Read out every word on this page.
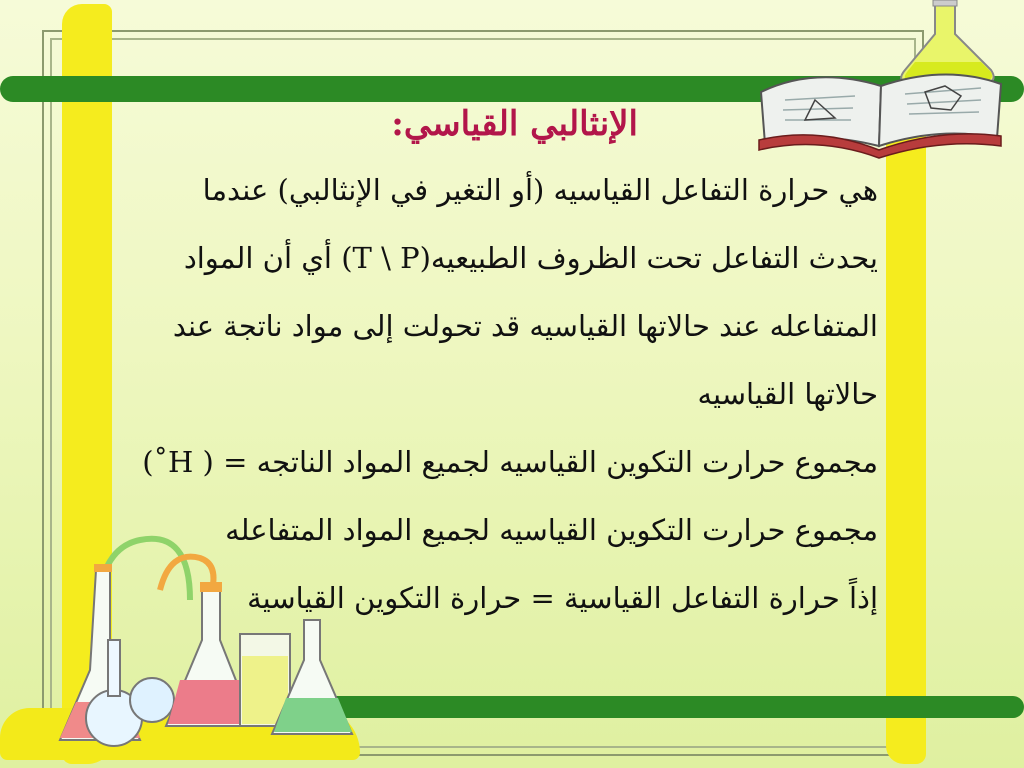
الإنثالبي القياسي:

هي حرارة التفاعل القياسيه (أو التغير في الإنثالبي) عندما
يحدث التفاعل تحت الظروف الطبيعيه(T \ P) أي أن المواد
المتفاعله عند حالاتها القياسيه قد تحولت إلى مواد ناتجة عند
حالاتها القياسيه
مجموع حرارت التكوين القياسيه لجميع المواد الناتجه = ( H˚)
مجموع حرارت التكوين القياسيه لجميع المواد المتفاعله
إذاً حرارة التفاعل القياسية = حرارة التكوين القياسية
